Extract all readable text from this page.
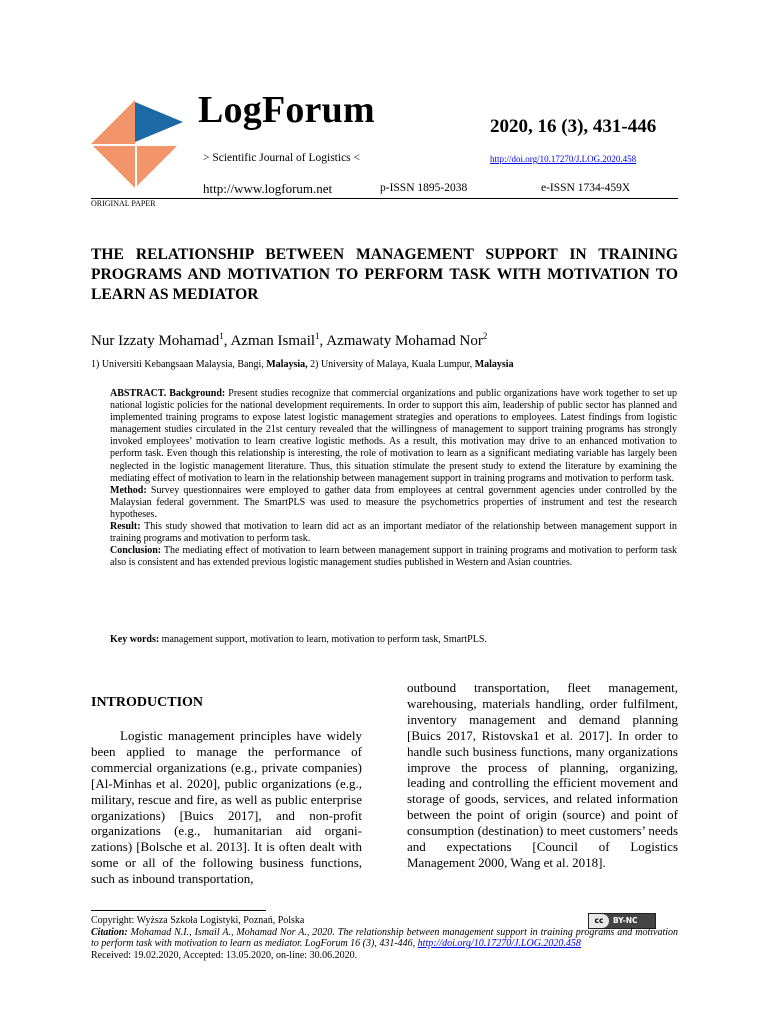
LogForum
> Scientific Journal of Logistics <
2020, 16 (3), 431-446
http://doi.org/10.17270/J.LOG.2020.458
http://www.logforum.net	p-ISSN 1895-2038	e-ISSN 1734-459X
ORIGINAL PAPER
THE RELATIONSHIP BETWEEN MANAGEMENT SUPPORT IN TRAINING PROGRAMS AND MOTIVATION TO PERFORM TASK WITH MOTIVATION TO LEARN AS MEDIATOR
Nur Izzaty Mohamad$^1$, Azman Ismail$^1$, Azmawaty Mohamad Nor$^2$
1) Universiti Kebangsaan Malaysia, Bangi, Malaysia, 2) University of Malaya, Kuala Lumpur, Malaysia

ABSTRACT. Background: Present studies recognize that commercial organizations and public organizations have work together to set up national logistic policies for the national development requirements. In order to support this aim, leadership of public sector has planned and implemented training programs to expose latest logistic management strategies and operations to employees. Latest findings from logistic management studies circulated in the 21st century revealed that the willingness of management to support training programs has strongly invoked employees’ motivation to learn creative logistic methods. As a result, this motivation may drive to an enhanced motivation to perform task. Even though this relationship is interesting, the role of motivation to learn as a significant mediating variable has largely been neglected in the logistic management literature. Thus, this situation stimulate the present study to extend the literature by examining the mediating effect of motivation to learn in the relationship between management support in training programs and motivation to perform task.

Method: Survey questionnaires were employed to gather data from employees at central government agencies under controlled by the Malaysian federal government. The SmartPLS was used to measure the psychometrics properties of instrument and test the research hypotheses.

Result: This study showed that motivation to learn did act as an important mediator of the relationship between management support in training programs and motivation to perform task.

Conclusion: The mediating effect of motivation to learn between management support in training programs and motivation to perform task also is consistent and has extended previous logistic management studies published in Western and Asian countries.

Key words: management support, motivation to learn, motivation to perform task, SmartPLS.
INTRODUCTION

Logistic management principles have widely been applied to manage the performance of commercial organizations (e.g., private companies) [Al-Minhas et al. 2020], public organizations (e.g., military, rescue and fire, as well as public enterprise organizations) [Buics 2017], and non-profit organizations (e.g., humanitarian aid organi-zations) [Bolsche et al. 2013]. It is often dealt with some or all of the following business functions, such as inbound transportation,

outbound transportation, fleet management, warehousing, materials handling, order fulfilment, inventory management and demand planning [Buics 2017, Ristovska1 et al. 2017]. In order to handle such business functions, many organizations improve the process of planning, organizing, leading and controlling the efficient movement and storage of goods, services, and related information between the point of origin (source) and point of consumption (destination) to meet customers’ needs and expectations [Council of Logistics Management 2000, Wang et al. 2018].

cc BY-NC

Copyright: Wyższa Szkoła Logistyki, Poznań, Polska

Citation: Mohamad N.I., Ismail A., Mohamad Nor A., 2020. The relationship between management support in training programs and motivation to perform task with motivation to learn as mediator. LogForum 16 (3), 431-446, http://doi.org/10.17270/J.LOG.2020.458

Received: 19.02.2020, Accepted: 13.05.2020, on-line: 30.06.2020.
